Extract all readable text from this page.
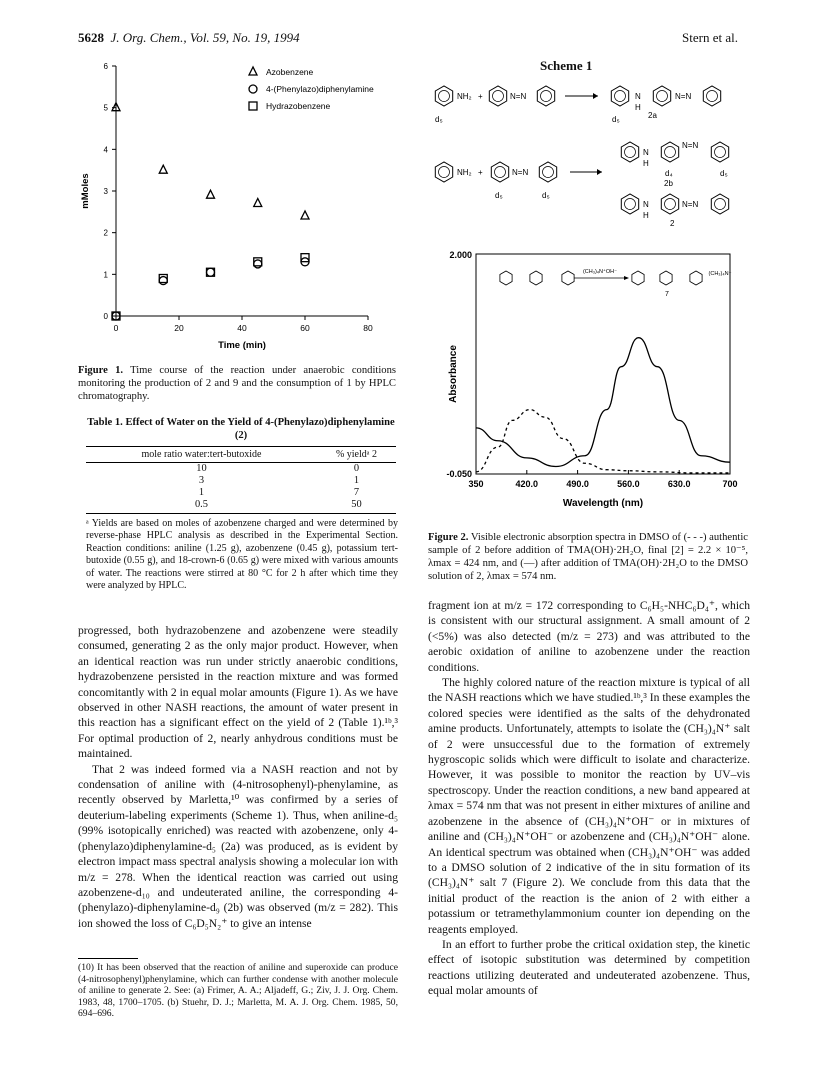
5628 J. Org. Chem., Vol. 59, No. 19, 1994	Stern et al.
0
1
2
3
4
5
6
0	20	40	60	80
Time (min)
mMoles
Azobenzene
4-(Phenylazo)diphenylamine
Hydrazobenzene
Figure 1. Time course of the reaction under anaerobic conditions monitoring the production of 2 and 9 and the consumption of 1 by HPLC chromatography.
Table 1. Effect of Water on the Yield of 4-(Phenylazo)diphenylamine (2)
mole ratio water:tert-butoxide	% yieldᵃ 2
10	0
3	1
1	7
0.5	50
ᵃ Yields are based on moles of azobenzene charged and were determined by reverse-phase HPLC analysis as described in the Experimental Section. Reaction conditions: aniline (1.25 g), azobenzene (0.45 g), potassium tert-butoxide (0.55 g), and 18-crown-6 (0.65 g) were mixed with various amounts of water. The reactions were stirred at 80 °C for 2 h after which time they were analyzed by HPLC.

progressed, both hydrazobenzene and azobenzene were steadily consumed, generating 2 as the only major product. However, when an identical reaction was run under strictly anaerobic conditions, hydrazobenzene persisted in the reaction mixture and was formed concomitantly with 2 in equal molar amounts (Figure 1). As we have observed in other NASH reactions, the amount of water present in this reaction has a significant effect on the yield of 2 (Table 1).¹ᵇ,³ For optimal production of 2, nearly anhydrous conditions must be maintained.

That 2 was indeed formed via a NASH reaction and not by condensation of aniline with (4-nitrosophenyl)-phenylamine, as recently observed by Marletta,¹⁰ was confirmed by a series of deuterium-labeling experiments (Scheme 1). Thus, when aniline-d₅ (99% isotopically enriched) was reacted with azobenzene, only 4-(phenylazo)diphenylamine-d₅ (2a) was produced, as is evident by electron impact mass spectral analysis showing a molecular ion with m/z = 278. When the identical reaction was carried out using azobenzene-d₁₀ and undeuterated aniline, the corresponding 4-(phenylazo)-diphenylamine-d₉ (2b) was observed (m/z = 282). This ion showed the loss of C₆D₅N₂⁺ to give an intense

(10) It has been observed that the reaction of aniline and superoxide can produce (4-nitrosophenyl)phenylamine, which can further condense with another molecule of aniline to generate 2. See: (a) Frimer, A. A.; Aljadeff, G.; Ziv, J. J. Org. Chem. 1983, 48, 1700–1705. (b) Stuehr, D. J.; Marletta, M. A. J. Org. Chem. 1985, 50, 694–696.
Scheme 1
d₅
NH₂ +	N=N
d₅
N
H
N=N
2a
NH₂ +
d₅
N=N
d₅
N
H
d₄
N=N
d₅
2b
N
H
N=N
2
350	420.0	490.0	560.0	630.0	700
2.000
-0.050
Wavelength (nm)
Absorbance
(CH₃)₄N⁺OH⁻	(CH₃)₄N⁺
7
Figure 2. Visible electronic absorption spectra in DMSO of (- - -) authentic sample of 2 before addition of TMA(OH)·2H₂O, final [2] = 2.2 × 10⁻⁵, λmax = 424 nm, and (—) after addition of TMA(OH)·2H₂O to the DMSO solution of 2, λmax = 574 nm.

fragment ion at m/z = 172 corresponding to C₆H₅-NHC₆D₄⁺, which is consistent with our structural assignment. A small amount of 2 (<5%) was also detected (m/z = 273) and was attributed to the aerobic oxidation of aniline to azobenzene under the reaction conditions.

The highly colored nature of the reaction mixture is typical of all the NASH reactions which we have studied.¹ᵇ,³ In these examples the colored species were identified as the salts of the dehydronated amine products. Unfortunately, attempts to isolate the (CH₃)₄N⁺ salt of 2 were unsuccessful due to the formation of extremely hygroscopic solids which were difficult to isolate and characterize. However, it was possible to monitor the reaction by UV–vis spectroscopy. Under the reaction conditions, a new band appeared at λmax = 574 nm that was not present in either mixtures of aniline and azobenzene in the absence of (CH₃)₄N⁺OH⁻ or in mixtures of aniline and (CH₃)₄N⁺OH⁻ or azobenzene and (CH₃)₄N⁺OH⁻ alone. An identical spectrum was obtained when (CH₃)₄N⁺OH⁻ was added to a DMSO solution of 2 indicative of the in situ formation of its (CH₃)₄N⁺ salt 7 (Figure 2). We conclude from this data that the initial product of the reaction is the anion of 2 with either a potassium or tetramethylammonium counter ion depending on the reagents employed.

In an effort to further probe the critical oxidation step, the kinetic effect of isotopic substitution was determined by competition reactions utilizing deuterated and undeuterated azobenzene. Thus, equal molar amounts of
